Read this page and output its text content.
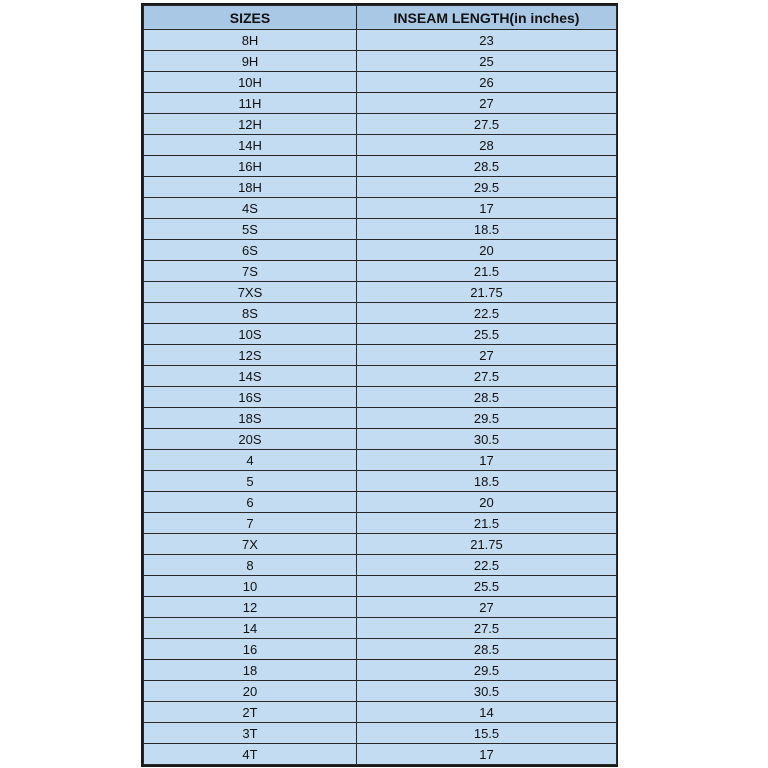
SIZES	INSEAM LENGTH(in inches)
8H	23
9H	25
10H	26
11H	27
12H	27.5
14H	28
16H	28.5
18H	29.5
4S	17
5S	18.5
6S	20
7S	21.5
7XS	21.75
8S	22.5
10S	25.5
12S	27
14S	27.5
16S	28.5
18S	29.5
20S	30.5
4	17
5	18.5
6	20
7	21.5
7X	21.75
8	22.5
10	25.5
12	27
14	27.5
16	28.5
18	29.5
20	30.5
2T	14
3T	15.5
4T	17
